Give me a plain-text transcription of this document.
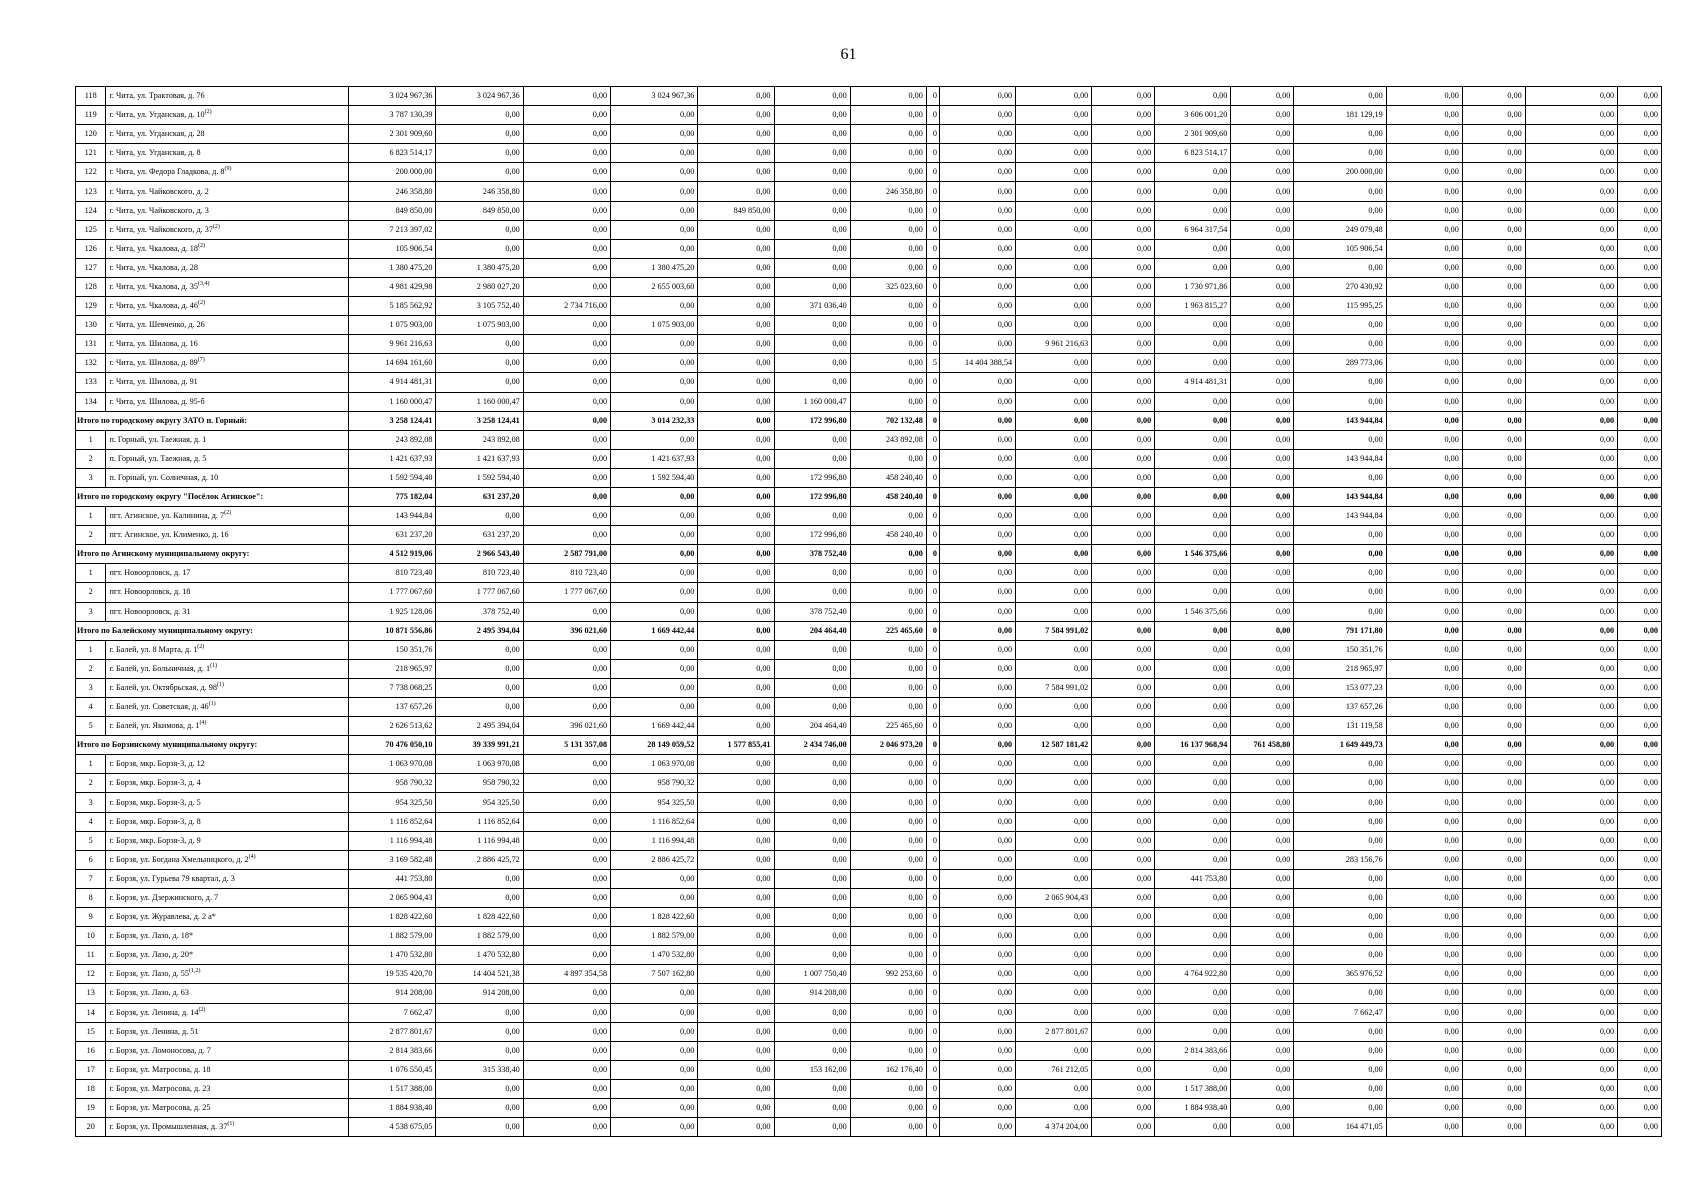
61
118	г. Чита, ул. Трактовая, д. 76	3 024 967,36	3 024 967,36	0,00	3 024 967,36	0,00	0,00	0,00	0	0,00	0,00	0,00	0,00	0,00	0,00	0,00	0,00	0,00	0,00
119	г. Чита, ул. Угданская, д. 10$^{(2)}$	3 787 130,39	0,00	0,00	0,00	0,00	0,00	0,00	0	0,00	0,00	0,00	3 606 001,20	0,00	181 129,19	0,00	0,00	0,00	0,00
120	г. Чита, ул. Угданская, д. 28	2 301 909,60	0,00	0,00	0,00	0,00	0,00	0,00	0	0,00	0,00	0,00	2 301 909,60	0,00	0,00	0,00	0,00	0,00	0,00
121	г. Чита, ул. Угданская, д. 8	6 823 514,17	0,00	0,00	0,00	0,00	0,00	0,00	0	0,00	0,00	0,00	6 823 514,17	0,00	0,00	0,00	0,00	0,00	0,00
122	г. Чита, ул. Федора Гладкова, д. 8$^{(9)}$	200 000,00	0,00	0,00	0,00	0,00	0,00	0,00	0	0,00	0,00	0,00	0,00	0,00	200 000,00	0,00	0,00	0,00	0,00
123	г. Чита, ул. Чайковского, д. 2	246 358,80	246 358,80	0,00	0,00	0,00	0,00	246 358,80	0	0,00	0,00	0,00	0,00	0,00	0,00	0,00	0,00	0,00	0,00
124	г. Чита, ул. Чайковского, д. 3	849 850,00	849 850,00	0,00	0,00	849 850,00	0,00	0,00	0	0,00	0,00	0,00	0,00	0,00	0,00	0,00	0,00	0,00	0,00
125	г. Чита, ул. Чайковского, д. 37$^{(2)}$	7 213 397,02	0,00	0,00	0,00	0,00	0,00	0,00	0	0,00	0,00	0,00	6 964 317,54	0,00	249 079,48	0,00	0,00	0,00	0,00
126	г. Чита, ул. Чкалова, д. 18$^{(2)}$	105 906,54	0,00	0,00	0,00	0,00	0,00	0,00	0	0,00	0,00	0,00	0,00	0,00	105 906,54	0,00	0,00	0,00	0,00
127	г. Чита, ул. Чкалова, д. 28	1 380 475,20	1 380 475,20	0,00	1 380 475,20	0,00	0,00	0,00	0	0,00	0,00	0,00	0,00	0,00	0,00	0,00	0,00	0,00	0,00
128	г. Чита, ул. Чкалова, д. 35$^{(3,4)}$	4 981 429,98	2 980 027,20	0,00	2 655 003,60	0,00	0,00	325 023,60	0	0,00	0,00	0,00	1 730 971,86	0,00	270 430,92	0,00	0,00	0,00	0,00
129	г. Чита, ул. Чкалова, д. 46$^{(2)}$	5 185 562,92	3 105 752,40	2 734 716,00	0,00	0,00	371 036,40	0,00	0	0,00	0,00	0,00	1 963 815,27	0,00	115 995,25	0,00	0,00	0,00	0,00
130	г. Чита, ул. Шевченко, д. 26	1 075 903,00	1 075 903,00	0,00	1 075 903,00	0,00	0,00	0,00	0	0,00	0,00	0,00	0,00	0,00	0,00	0,00	0,00	0,00	0,00
131	г. Чита, ул. Шилова, д. 16	9 961 216,63	0,00	0,00	0,00	0,00	0,00	0,00	0	0,00	9 961 216,63	0,00	0,00	0,00	0,00	0,00	0,00	0,00	0,00
132	г. Чита, ул. Шилова, д. 89$^{(7)}$	14 694 161,60	0,00	0,00	0,00	0,00	0,00	0,00	5	14 404 388,54	0,00	0,00	0,00	0,00	289 773,06	0,00	0,00	0,00	0,00
133	г. Чита, ул. Шилова, д. 91	4 914 481,31	0,00	0,00	0,00	0,00	0,00	0,00	0	0,00	0,00	0,00	4 914 481,31	0,00	0,00	0,00	0,00	0,00	0,00
134	г. Чита, ул. Шилова, д. 95-б	1 160 000,47	1 160 000,47	0,00	0,00	0,00	1 160 000,47	0,00	0	0,00	0,00	0,00	0,00	0,00	0,00	0,00	0,00	0,00	0,00
Итого по городскому округу ЗАТО п. Горный:		3 258 124,41	3 258 124,41	0,00	3 014 232,33	0,00	172 996,80	702 132,48	0	0,00	0,00	0,00	0,00	0,00	143 944,84	0,00	0,00	0,00	0,00
1	п. Горный, ул. Таежная, д. 1	243 892,08	243 892,08	0,00	0,00	0,00	0,00	243 892,08	0	0,00	0,00	0,00	0,00	0,00	0,00	0,00	0,00	0,00	0,00
2	п. Горный, ул. Таежная, д. 5	1 421 637,93	1 421 637,93	0,00	1 421 637,93	0,00	0,00	0,00	0	0,00	0,00	0,00	0,00	0,00	143 944,84	0,00	0,00	0,00	0,00
3	п. Горный, ул. Солнечная, д. 10	1 592 594,40	1 592 594,40	0,00	1 592 594,40	0,00	172 996,80	458 240,40	0	0,00	0,00	0,00	0,00	0,00	0,00	0,00	0,00	0,00	0,00
Итого по городскому округу "Посёлок Агинское":		775 182,04	631 237,20	0,00	0,00	0,00	172 996,80	458 240,40	0	0,00	0,00	0,00	0,00	0,00	143 944,84	0,00	0,00	0,00	0,00
1	пгт. Агинское, ул. Калинина, д. 7$^{(2)}$	143 944,84	0,00	0,00	0,00	0,00	0,00	0,00	0	0,00	0,00	0,00	0,00	0,00	143 944,84	0,00	0,00	0,00	0,00
2	пгт. Агинское, ул. Клименко, д. 16	631 237,20	631 237,20	0,00	0,00	0,00	172 996,80	458 240,40	0	0,00	0,00	0,00	0,00	0,00	0,00	0,00	0,00	0,00	0,00
Итого по Агинскому муниципальному округу:		4 512 919,06	2 966 543,40	2 587 791,00	0,00	0,00	378 752,40	0,00	0	0,00	0,00	0,00	1 546 375,66	0,00	0,00	0,00	0,00	0,00	0,00
1	пгт. Новоорловск, д. 17	810 723,40	810 723,40	810 723,40	0,00	0,00	0,00	0,00	0	0,00	0,00	0,00	0,00	0,00	0,00	0,00	0,00	0,00	0,00
2	пгт. Новоорловск, д. 18	1 777 067,60	1 777 067,60	1 777 067,60	0,00	0,00	0,00	0,00	0	0,00	0,00	0,00	0,00	0,00	0,00	0,00	0,00	0,00	0,00
3	пгт. Новоорловск, д. 31	1 925 128,06	378 752,40	0,00	0,00	0,00	378 752,40	0,00	0	0,00	0,00	0,00	1 546 375,66	0,00	0,00	0,00	0,00	0,00	0,00
Итого по Балейскому муниципальному округу:		10 871 556,86	2 495 394,04	396 021,60	1 669 442,44	0,00	204 464,40	225 465,60	0	0,00	7 584 991,02	0,00	0,00	0,00	791 171,80	0,00	0,00	0,00	0,00
1	г. Балей, ул. 8 Марта, д. 1$^{(2)}$	150 351,76	0,00	0,00	0,00	0,00	0,00	0,00	0	0,00	0,00	0,00	0,00	0,00	150 351,76	0,00	0,00	0,00	0,00
2	г. Балей, ул. Больничная, д. 1$^{(1)}$	218 965,97	0,00	0,00	0,00	0,00	0,00	0,00	0	0,00	0,00	0,00	0,00	0,00	218 965,97	0,00	0,00	0,00	0,00
3	г. Балей, ул. Октябрьская, д. 98$^{(1)}$	7 738 068,25	0,00	0,00	0,00	0,00	0,00	0,00	0	0,00	7 584 991,02	0,00	0,00	0,00	153 077,23	0,00	0,00	0,00	0,00
4	г. Балей, ул. Советская, д. 46$^{(1)}$	137 657,26	0,00	0,00	0,00	0,00	0,00	0,00	0	0,00	0,00	0,00	0,00	0,00	137 657,26	0,00	0,00	0,00	0,00
5	г. Балей, ул. Якимова, д. 1$^{(4)}$	2 626 513,62	2 495 394,04	396 021,60	1 669 442,44	0,00	204 464,40	225 465,60	0	0,00	0,00	0,00	0,00	0,00	131 119,58	0,00	0,00	0,00	0,00
Итого по Борзинскому муниципальному округу:		70 476 050,10	39 339 991,21	5 131 357,08	28 149 059,52	1 577 855,41	2 434 746,00	2 046 973,20	0	0,00	12 587 181,42	0,00	16 137 968,94	761 458,80	1 649 449,73	0,00	0,00	0,00	0,00
1	г. Борзя, мкр. Борзя-3, д. 12	1 063 970,08	1 063 970,08	0,00	1 063 970,08	0,00	0,00	0,00	0	0,00	0,00	0,00	0,00	0,00	0,00	0,00	0,00	0,00	0,00
2	г. Борзя, мкр. Борзя-3, д. 4	958 790,32	958 790,32	0,00	958 790,32	0,00	0,00	0,00	0	0,00	0,00	0,00	0,00	0,00	0,00	0,00	0,00	0,00	0,00
3	г. Борзя, мкр. Борзя-3, д. 5	954 325,50	954 325,50	0,00	954 325,50	0,00	0,00	0,00	0	0,00	0,00	0,00	0,00	0,00	0,00	0,00	0,00	0,00	0,00
4	г. Борзя, мкр. Борзя-3, д. 8	1 116 852,64	1 116 852,64	0,00	1 116 852,64	0,00	0,00	0,00	0	0,00	0,00	0,00	0,00	0,00	0,00	0,00	0,00	0,00	0,00
5	г. Борзя, мкр. Борзя-3, д. 9	1 116 994,48	1 116 994,48	0,00	1 116 994,48	0,00	0,00	0,00	0	0,00	0,00	0,00	0,00	0,00	0,00	0,00	0,00	0,00	0,00
6	г. Борзя, ул. Богдана Хмельницкого, д. 2$^{(4)}$	3 169 582,48	2 886 425,72	0,00	2 886 425,72	0,00	0,00	0,00	0	0,00	0,00	0,00	0,00	0,00	283 156,76	0,00	0,00	0,00	0,00
7	г. Борзя, ул. Гурьева 79 квартал, д. 3	441 753,80	0,00	0,00	0,00	0,00	0,00	0,00	0	0,00	0,00	0,00	441 753,80	0,00	0,00	0,00	0,00	0,00	0,00
8	г. Борзя, ул. Дзержинского, д. 7	2 065 904,43	0,00	0,00	0,00	0,00	0,00	0,00	0	0,00	2 065 904,43	0,00	0,00	0,00	0,00	0,00	0,00	0,00	0,00
9	г. Борзя, ул. Журавлева, д. 2 а*	1 828 422,60	1 828 422,60	0,00	1 828 422,60	0,00	0,00	0,00	0	0,00	0,00	0,00	0,00	0,00	0,00	0,00	0,00	0,00	0,00
10	г. Борзя, ул. Лазо, д. 18*	1 882 579,00	1 882 579,00	0,00	1 882 579,00	0,00	0,00	0,00	0	0,00	0,00	0,00	0,00	0,00	0,00	0,00	0,00	0,00	0,00
11	г. Борзя, ул. Лазо, д. 20*	1 470 532,80	1 470 532,80	0,00	1 470 532,80	0,00	0,00	0,00	0	0,00	0,00	0,00	0,00	0,00	0,00	0,00	0,00	0,00	0,00
12	г. Борзя, ул. Лазо, д. 55$^{(1,2)}$	19 535 420,70	14 404 521,38	4 897 354,58	7 507 162,80	0,00	1 007 750,40	992 253,60	0	0,00	0,00	0,00	4 764 922,80	0,00	365 976,52	0,00	0,00	0,00	0,00
13	г. Борзя, ул. Лазо, д. 63	914 208,00	914 208,00	0,00	0,00	0,00	914 208,00	0,00	0	0,00	0,00	0,00	0,00	0,00	0,00	0,00	0,00	0,00	0,00
14	г. Борзя, ул. Ленина, д. 14$^{(2)}$	7 662,47	0,00	0,00	0,00	0,00	0,00	0,00	0	0,00	0,00	0,00	0,00	0,00	7 662,47	0,00	0,00	0,00	0,00
15	г. Борзя, ул. Ленина, д. 51	2 877 801,67	0,00	0,00	0,00	0,00	0,00	0,00	0	0,00	2 877 801,67	0,00	0,00	0,00	0,00	0,00	0,00	0,00	0,00
16	г. Борзя, ул. Ломоносова, д. 7	2 814 383,66	0,00	0,00	0,00	0,00	0,00	0,00	0	0,00	0,00	0,00	2 814 383,66	0,00	0,00	0,00	0,00	0,00	0,00
17	г. Борзя, ул. Матросова, д. 18	1 076 550,45	315 338,40	0,00	0,00	0,00	153 162,00	162 176,40	0	0,00	761 212,05	0,00	0,00	0,00	0,00	0,00	0,00	0,00	0,00
18	г. Борзя, ул. Матросова, д. 23	1 517 388,00	0,00	0,00	0,00	0,00	0,00	0,00	0	0,00	0,00	0,00	1 517 388,00	0,00	0,00	0,00	0,00	0,00	0,00
19	г. Борзя, ул. Матросова, д. 25	1 884 938,40	0,00	0,00	0,00	0,00	0,00	0,00	0	0,00	0,00	0,00	1 884 938,40	0,00	0,00	0,00	0,00	0,00	0,00
20	г. Борзя, ул. Промышленная, д. 37$^{(1)}$	4 538 675,05	0,00	0,00	0,00	0,00	0,00	0,00	0	0,00	4 374 204,00	0,00	0,00	0,00	164 471,05	0,00	0,00	0,00	0,00
